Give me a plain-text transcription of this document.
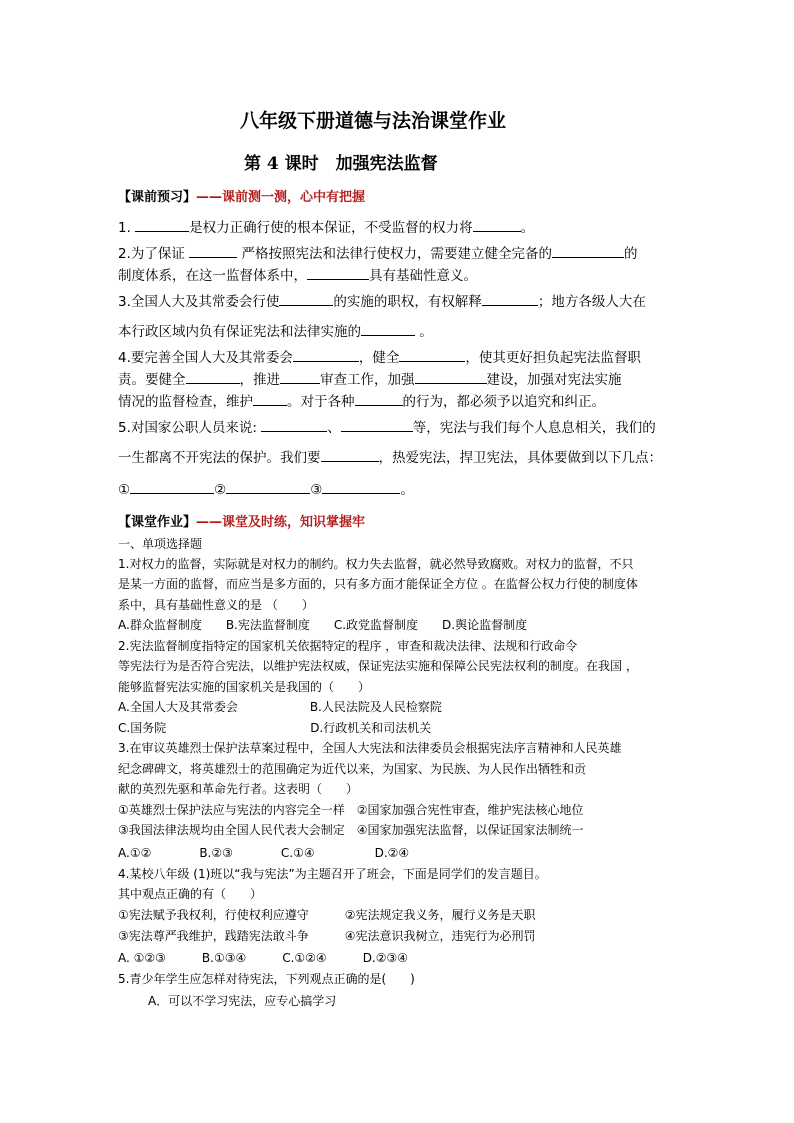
八年级下册道德与法治课堂作业
第 4 课时　加强宪法监督
【课前预习】——课前测一测，心中有把握
1.	是权力正确行使的根本保证，不受监督的权力将	。
2.为了保证	严格按照宪法和法律行使权力，需要建立健全完备的	的
制度体系，在这一监督体系中，	具有基础性意义。
3.全国人大及其常委会行使	的实施的职权，有权解释	；地方各级人大在
本行政区域内负有保证宪法和法律实施的	。
4.要完善全国人大及其常委会	，健全	，使其更好担负起宪法监督职
责。要健全	，推进	审查工作，加强	建设，加强对宪法实施
情况的监督检查，维护	。对于各种	的行为，都必须予以追究和纠正。
5.对国家公职人员来说:	、	等，宪法与我们每个人息息相关，我们的
一生都离不开宪法的保护。我们要	，热爱宪法，捍卫宪法，具体要做到以下几点：
①	②	③	。
【课堂作业】——课堂及时练，知识掌握牢
一、单项选择题
1.对权力的监督，实际就是对权力的制约。权力失去监督，就必然导致腐败。对权力的监督，不只
是某一方面的监督，而应当是多方面的，只有多方面才能保证全方位 。在监督公权力行使的制度体
系中，具有基础性意义的是 （　　）
A.群众监督制度　　B.宪法监督制度　　C.政党监督制度　　D.舆论监督制度
2.宪法监督制度指特定的国家机关依据特定的程序 ，审查和裁决法律、法规和行政命令
等宪法行为是否符合宪法，以维护宪法权威，保证宪法实施和保障公民宪法权利的制度。在我国 ，
能够监督宪法实施的国家机关是我国的（　　）
A.全国人大及其常委会　　　　　　B.人民法院及人民检察院
C.国务院　　　　　　　　　　　　D.行政机关和司法机关
3.在审议英雄烈士保护法草案过程中，全国人大宪法和法律委员会根据宪法序言精神和人民英雄
纪念碑碑文，将英雄烈士的范围确定为近代以来，为国家、为民族、为人民作出牺牲和贡
献的英烈先驱和革命先行者。这表明（　　）
①英雄烈士保护法应与宪法的内容完全一样　②国家加强合宪性审查，维护宪法核心地位
③我国法律法规均由全国人民代表大会制定　④国家加强宪法监督，以保证国家法制统一
A.①②　　　　B.②③　　　　C.①④　　　　　D.②④
4.某校八年级 (1)班以“我与宪法”为主题召开了班会，下面是同学们的发言题目。
其中观点正确的有（　　）
①宪法赋予我权利，行使权利应遵守　　　②宪法规定我义务，履行义务是天职
③宪法尊严我维护，践踏宪法敢斗争　　　④宪法意识我树立，违宪行为必刑罚
A. ①②③　　　B.①③④　　　C.①②④　　　D.②③④
5.青少年学生应怎样对待宪法，下列观点正确的是(　　)
A．可以不学习宪法，应专心搞学习
